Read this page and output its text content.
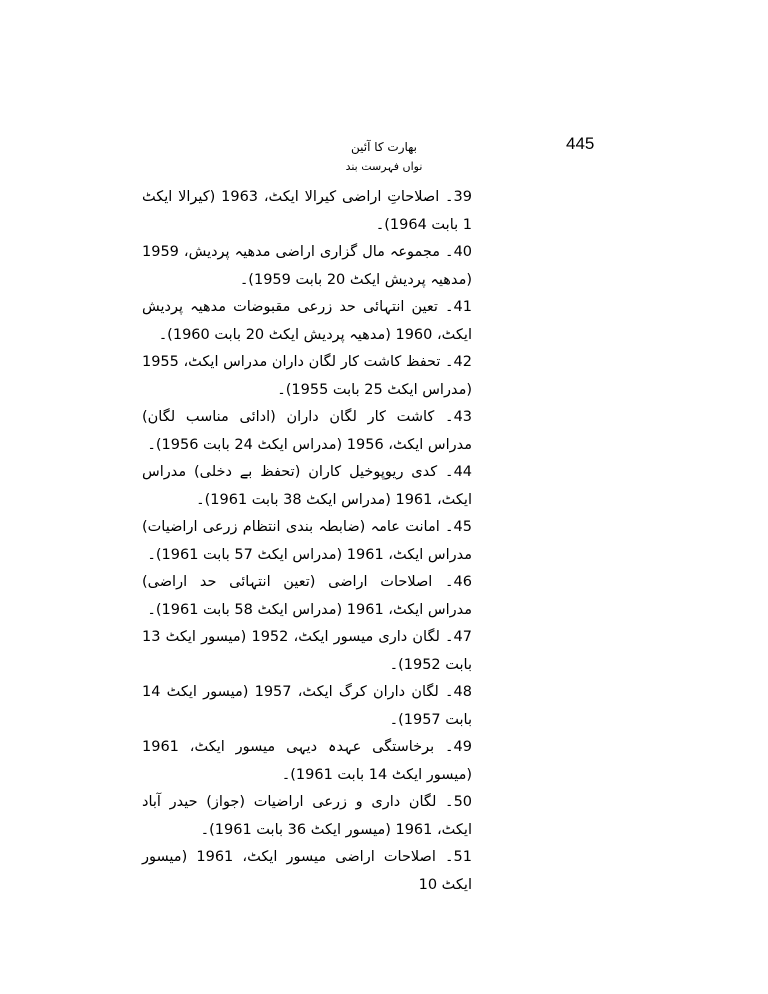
445
بھارت کا آئین
نواں فہرست بند
39۔ اصلاحاتِ اراضی کیرالا ایکٹ، 1963 (کیرالا ایکٹ 1 بابت 1964)۔
40۔ مجموعہ مال گزاری اراضی مدھیہ پردیش، 1959 (مدھیہ پردیش ایکٹ 20 بابت 1959)۔
41۔ تعین انتہائی حد زرعی مقبوضات مدھیہ پردیش ایکٹ، 1960 (مدھیہ پردیش ایکٹ 20 بابت 1960)۔
42۔ تحفظ کاشت کار لگان داران مدراس ایکٹ، 1955 (مدراس ایکٹ 25 بابت 1955)۔
43۔ کاشت کار لگان داران (ادائی مناسب لگان) مدراس ایکٹ، 1956 (مدراس ایکٹ 24 بابت 1956)۔
44۔ کدی ریوپوخیل کاران (تحفظ بے دخلی) مدراس ایکٹ، 1961 (مدراس ایکٹ 38 بابت 1961)۔
45۔ امانت عامہ (ضابطہ بندی انتظام زرعی اراضیات) مدراس ایکٹ، 1961 (مدراس ایکٹ 57 بابت 1961)۔
46۔ اصلاحات اراضی (تعین انتہائی حد اراضی) مدراس ایکٹ، 1961 (مدراس ایکٹ 58 بابت 1961)۔
47۔ لگان داری میسور ایکٹ، 1952 (میسور ایکٹ 13 بابت 1952)۔
48۔ لگان داران کرگ ایکٹ، 1957 (میسور ایکٹ 14 بابت 1957)۔
49۔ برخاستگی عہدہ دیہی میسور ایکٹ، 1961 (میسور ایکٹ 14 بابت 1961)۔
50۔ لگان داری و زرعی اراضیات (جواز) حیدر آباد ایکٹ، 1961 (میسور ایکٹ 36 بابت 1961)۔
51۔ اصلاحات اراضی میسور ایکٹ، 1961 (میسور ایکٹ 10
